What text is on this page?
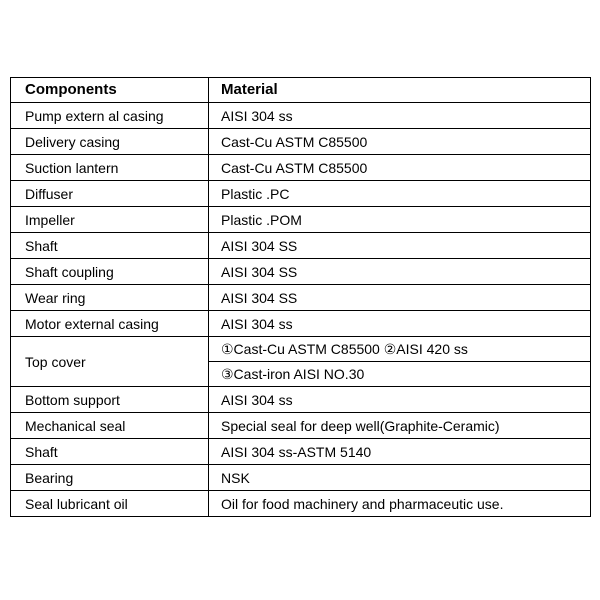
Components	Material
Pump extern al casing	AISI 304 ss
Delivery casing	Cast-Cu ASTM C85500
Suction lantern	Cast-Cu ASTM C85500
Diffuser	Plastic .PC
Impeller	Plastic .POM
Shaft	AISI 304 SS
Shaft coupling	AISI 304 SS
Wear ring	AISI 304 SS
Motor external casing	AISI 304 ss
Top cover	①Cast-Cu ASTM C85500 ②AISI 420 ss
	③Cast-iron AISI NO.30
Bottom support	AISI 304 ss
Mechanical seal	Special seal for deep well(Graphite-Ceramic)
Shaft	AISI 304 ss-ASTM 5140
Bearing	NSK
Seal lubricant oil	Oil for food machinery and pharmaceutic use.
